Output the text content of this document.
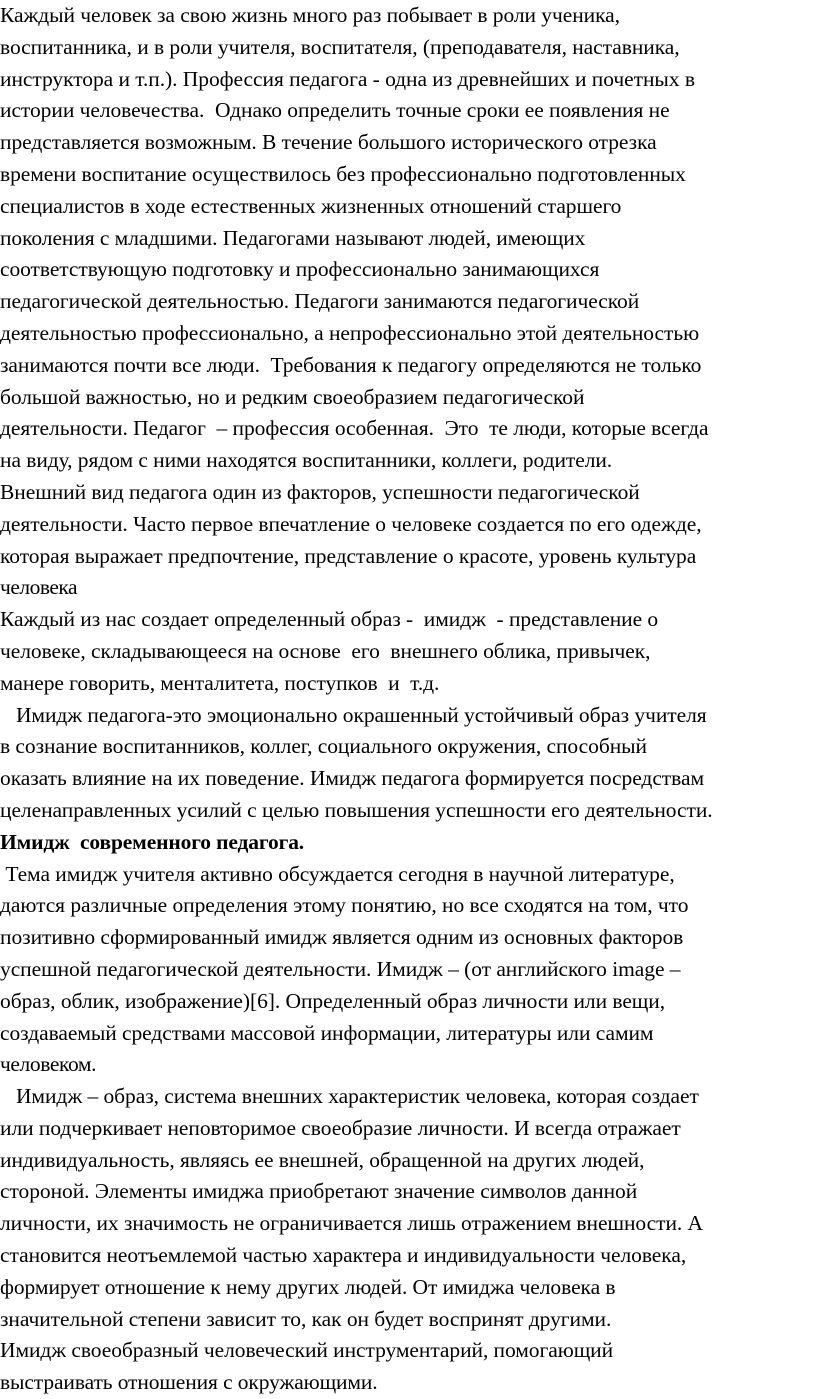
Каждый человек за свою жизнь много раз побывает в роли ученика,
воспитанника, и в роли учителя, воспитателя, (преподавателя, наставника,
инструктора и т.п.). Профессия педагога - одна из древнейших и почетных в
истории человечества.  Однако определить точные сроки ее появления не
представляется возможным. В течение большого исторического отрезка
времени воспитание осуществилось без профессионально подготовленных
специалистов в ходе естественных жизненных отношений старшего
поколения с младшими. Педагогами называют людей, имеющих
соответствующую подготовку и профессионально занимающихся
педагогической деятельностью. Педагоги занимаются педагогической
деятельностью профессионально, а непрофессионально этой деятельностью
занимаются почти все люди.  Требования к педагогу определяются не только
большой важностью, но и редким своеобразием педагогической
деятельности. Педагог  – профессия особенная.  Это  те люди, которые всегда
на виду, рядом с ними находятся воспитанники, коллеги, родители.
Внешний вид педагога один из факторов, успешности педагогической
деятельности. Часто первое впечатление о человеке создается по его одежде,
которая выражает предпочтение, представление о красоте, уровень культура
человека
Каждый из нас создает определенный образ -  имидж  - представление о
человеке, складывающееся на основе  его  внешнего облика, привычек,
манере говорить, менталитета, поступков  и  т.д.
Имидж педагога-это эмоционально окрашенный устойчивый образ учителя
в сознание воспитанников, коллег, социального окружения, способный
оказать влияние на их поведение. Имидж педагога формируется посредствам
целенаправленных усилий с целью повышения успешности его деятельности.
Имидж  современного педагога.
Тема имидж учителя активно обсуждается сегодня в научной литературе,
даются различные определения этому понятию, но все сходятся на том, что
позитивно сформированный имидж является одним из основных факторов
успешной педагогической деятельности. Имидж – (от английского image –
образ, облик, изображение)[6]. Определенный образ личности или вещи,
создаваемый средствами массовой информации, литературы или самим
человеком.
Имидж – образ, система внешних характеристик человека, которая создает
или подчеркивает неповторимое своеобразие личности. И всегда отражает
индивидуальность, являясь ее внешней, обращенной на других людей,
стороной. Элементы имиджа приобретают значение символов данной
личности, их значимость не ограничивается лишь отражением внешности. А
становится неотъемлемой частью характера и индивидуальности человека,
формирует отношение к нему других людей. От имиджа человека в
значительной степени зависит то, как он будет воспринят другими.
Имидж своеобразный человеческий инструментарий, помогающий
выстраивать отношения с окружающими.
